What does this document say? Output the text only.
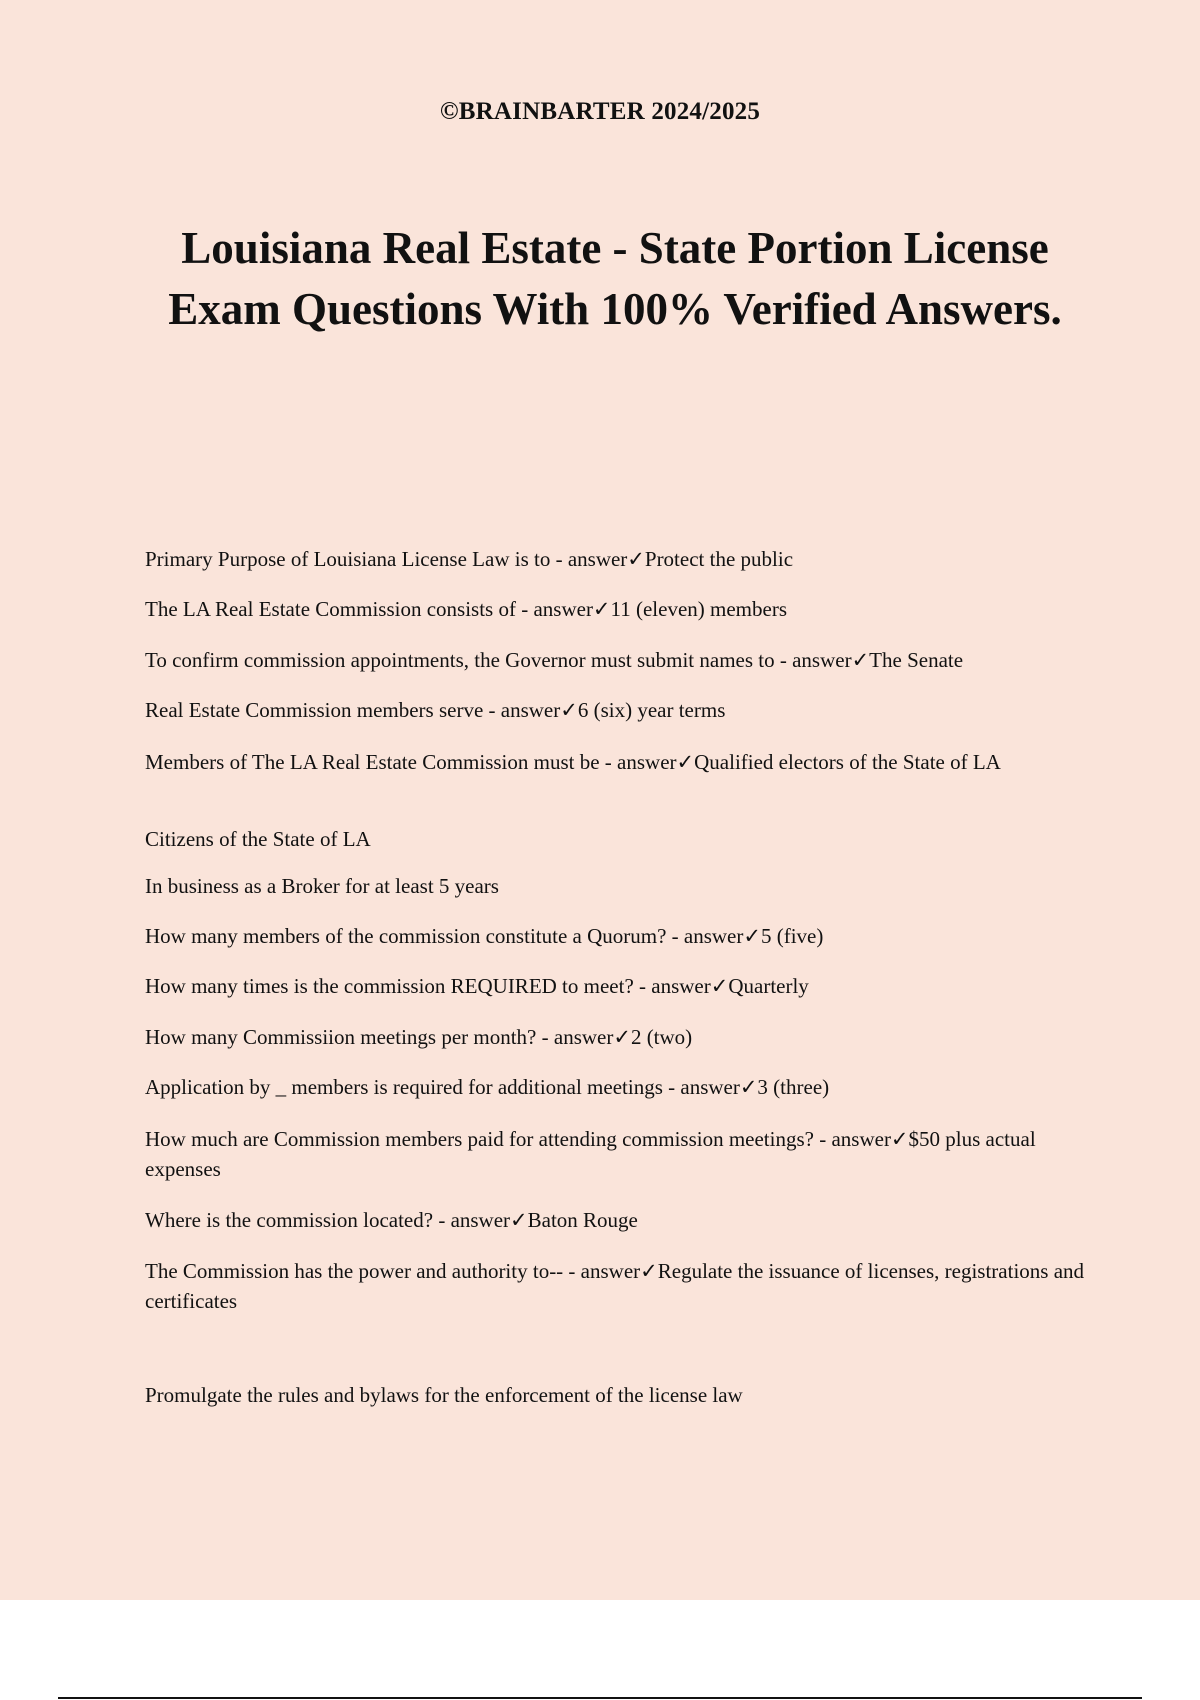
©BRAINBARTER 2024/2025
Louisiana Real Estate - State Portion License Exam Questions With 100% Verified Answers.
Primary Purpose of Louisiana License Law is to - answer✓Protect the public
The LA Real Estate Commission consists of - answer✓11 (eleven) members
To confirm commission appointments, the Governor must submit names to - answer✓The Senate
Real Estate Commission members serve - answer✓6 (six) year terms
Members of The LA Real Estate Commission must be - answer✓Qualified electors of the State of LA
Citizens of the State of LA
In business as a Broker for at least 5 years
How many members of the commission constitute a Quorum? - answer✓5 (five)
How many times is the commission REQUIRED to meet? - answer✓Quarterly
How many Commissiion meetings per month? - answer✓2 (two)
Application by _ members is required for additional meetings - answer✓3 (three)
How much are Commission members paid for attending commission meetings? - answer✓$50 plus actual expenses
Where is the commission located? - answer✓Baton Rouge
The Commission has the power and authority to-- - answer✓Regulate the issuance of licenses, registrations and certificates
Promulgate the rules and bylaws for the enforcement of the license law
